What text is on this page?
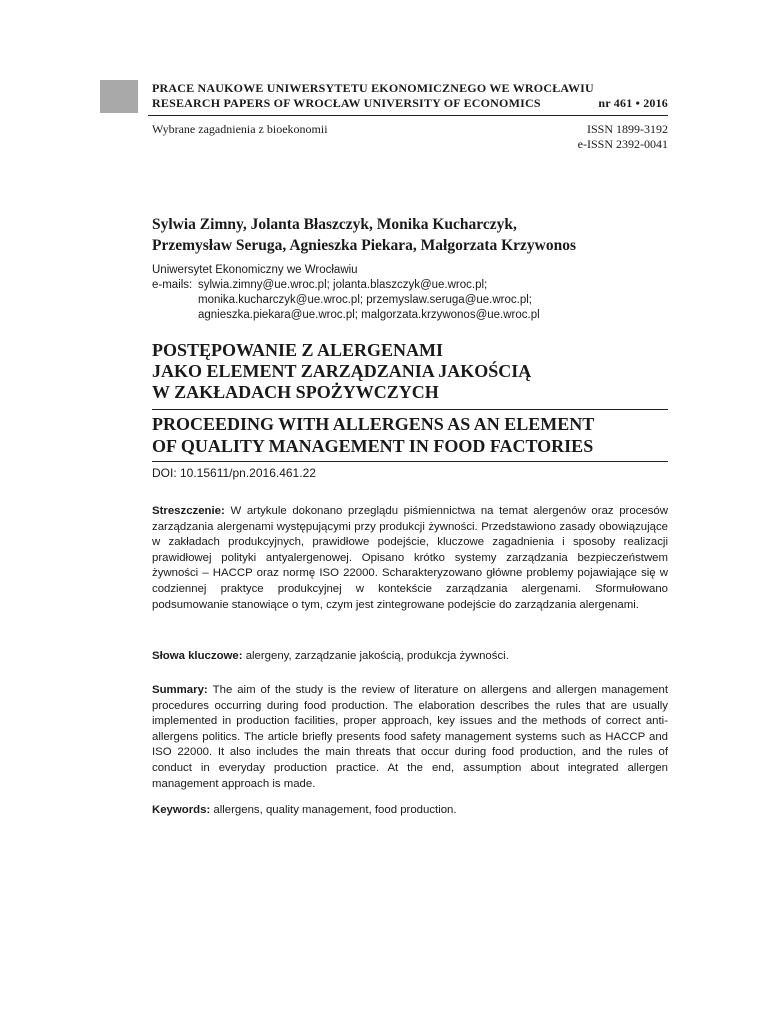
PRACE NAUKOWE UNIWERSYTETU EKONOMICZNEGO WE WROCŁAWIU
RESEARCH PAPERS OF WROCŁAW UNIVERSITY OF ECONOMICS	nr 461 • 2016
Wybrane zagadnienia z bioekonomii	ISSN 1899-3192
e-ISSN 2392-0041
Sylwia Zimny, Jolanta Błaszczyk, Monika Kucharczyk,
Przemysław Seruga, Agnieszka Piekara, Małgorzata Krzywonos
Uniwersytet Ekonomiczny we Wrocławiu
e-mails: sylwia.zimny@ue.wroc.pl; jolanta.blaszczyk@ue.wroc.pl;
monika.kucharczyk@ue.wroc.pl; przemyslaw.seruga@ue.wroc.pl;
agnieszka.piekara@ue.wroc.pl; malgorzata.krzywonos@ue.wroc.pl
POSTĘPOWANIE Z ALERGENAMI
JAKO ELEMENT ZARZĄDZANIA JAKOŚCIĄ
W ZAKŁADACH SPOŻYWCZYCH
PROCEEDING WITH ALLERGENS AS AN ELEMENT
OF QUALITY MANAGEMENT IN FOOD FACTORIES
DOI: 10.15611/pn.2016.461.22
Streszczenie: W artykule dokonano przeglądu piśmiennictwa na temat alergenów oraz procesów zarządzania alergenami występującymi przy produkcji żywności. Przedstawiono zasady obowiązujące w zakładach produkcyjnych, prawidłowe podejście, kluczowe zagadnienia i sposoby realizacji prawidłowej polityki antyalergenowej. Opisano krótko systemy zarządzania bezpieczeństwem żywności – HACCP oraz normę ISO 22000. Scharakteryzowano główne problemy pojawiające się w codziennej praktyce produkcyjnej w kontekście zarządzania alergenami. Sformułowano podsumowanie stanowiące o tym, czym jest zintegrowane podejście do zarządzania alergenami.
Słowa kluczowe: alergeny, zarządzanie jakością, produkcja żywności.
Summary: The aim of the study is the review of literature on allergens and allergen management procedures occurring during food production. The elaboration describes the rules that are usually implemented in production facilities, proper approach, key issues and the methods of correct anti-allergens politics. The article briefly presents food safety management systems such as HACCP and ISO 22000. It also includes the main threats that occur during food production, and the rules of conduct in everyday production practice. At the end, assumption about integrated allergen management approach is made.
Keywords: allergens, quality management, food production.
